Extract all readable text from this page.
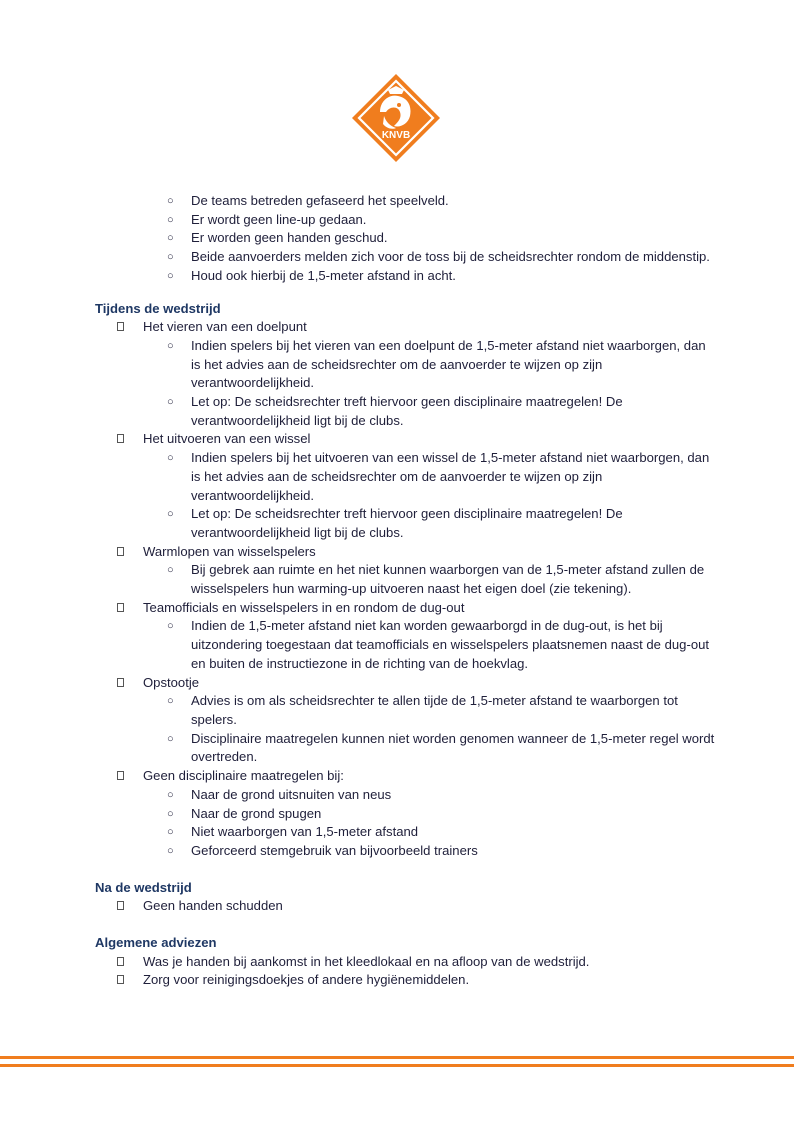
KNVB
○ De teams betreden gefaseerd het speelveld.
○ Er wordt geen line-up gedaan.
○ Er worden geen handen geschud.
○ Beide aanvoerders melden zich voor de toss bij de scheidsrechter rondom de middenstip.
○ Houd ook hierbij de 1,5-meter afstand in acht.
Tijdens de wedstrijd
Het vieren van een doelpunt
○ Indien spelers bij het vieren van een doelpunt de 1,5-meter afstand niet waarborgen, dan is het advies aan de scheidsrechter om de aanvoerder te wijzen op zijn verantwoordelijkheid.
○ Let op: De scheidsrechter treft hiervoor geen disciplinaire maatregelen! De verantwoordelijkheid ligt bij de clubs.
Het uitvoeren van een wissel
○ Indien spelers bij het uitvoeren van een wissel de 1,5-meter afstand niet waarborgen, dan is het advies aan de scheidsrechter om de aanvoerder te wijzen op zijn verantwoordelijkheid.
○ Let op: De scheidsrechter treft hiervoor geen disciplinaire maatregelen! De verantwoordelijkheid ligt bij de clubs.
Warmlopen van wisselspelers
○ Bij gebrek aan ruimte en het niet kunnen waarborgen van de 1,5-meter afstand zullen de wisselspelers hun warming-up uitvoeren naast het eigen doel (zie tekening).
Teamofficials en wisselspelers in en rondom de dug-out
○ Indien de 1,5-meter afstand niet kan worden gewaarborgd in de dug-out, is het bij uitzondering toegestaan dat teamofficials en wisselspelers plaatsnemen naast de dug-out en buiten de instructiezone in de richting van de hoekvlag.
Opstootje
○ Advies is om als scheidsrechter te allen tijde de 1,5-meter afstand te waarborgen tot spelers.
○ Disciplinaire maatregelen kunnen niet worden genomen wanneer de 1,5-meter regel wordt overtreden.
Geen disciplinaire maatregelen bij:
○ Naar de grond uitsnuiten van neus
○ Naar de grond spugen
○ Niet waarborgen van 1,5-meter afstand
○ Geforceerd stemgebruik van bijvoorbeeld trainers
Na de wedstrijd
Geen handen schudden
Algemene adviezen
Was je handen bij aankomst in het kleedlokaal en na afloop van de wedstrijd.
Zorg voor reinigingsdoekjes of andere hygiënemiddelen.
